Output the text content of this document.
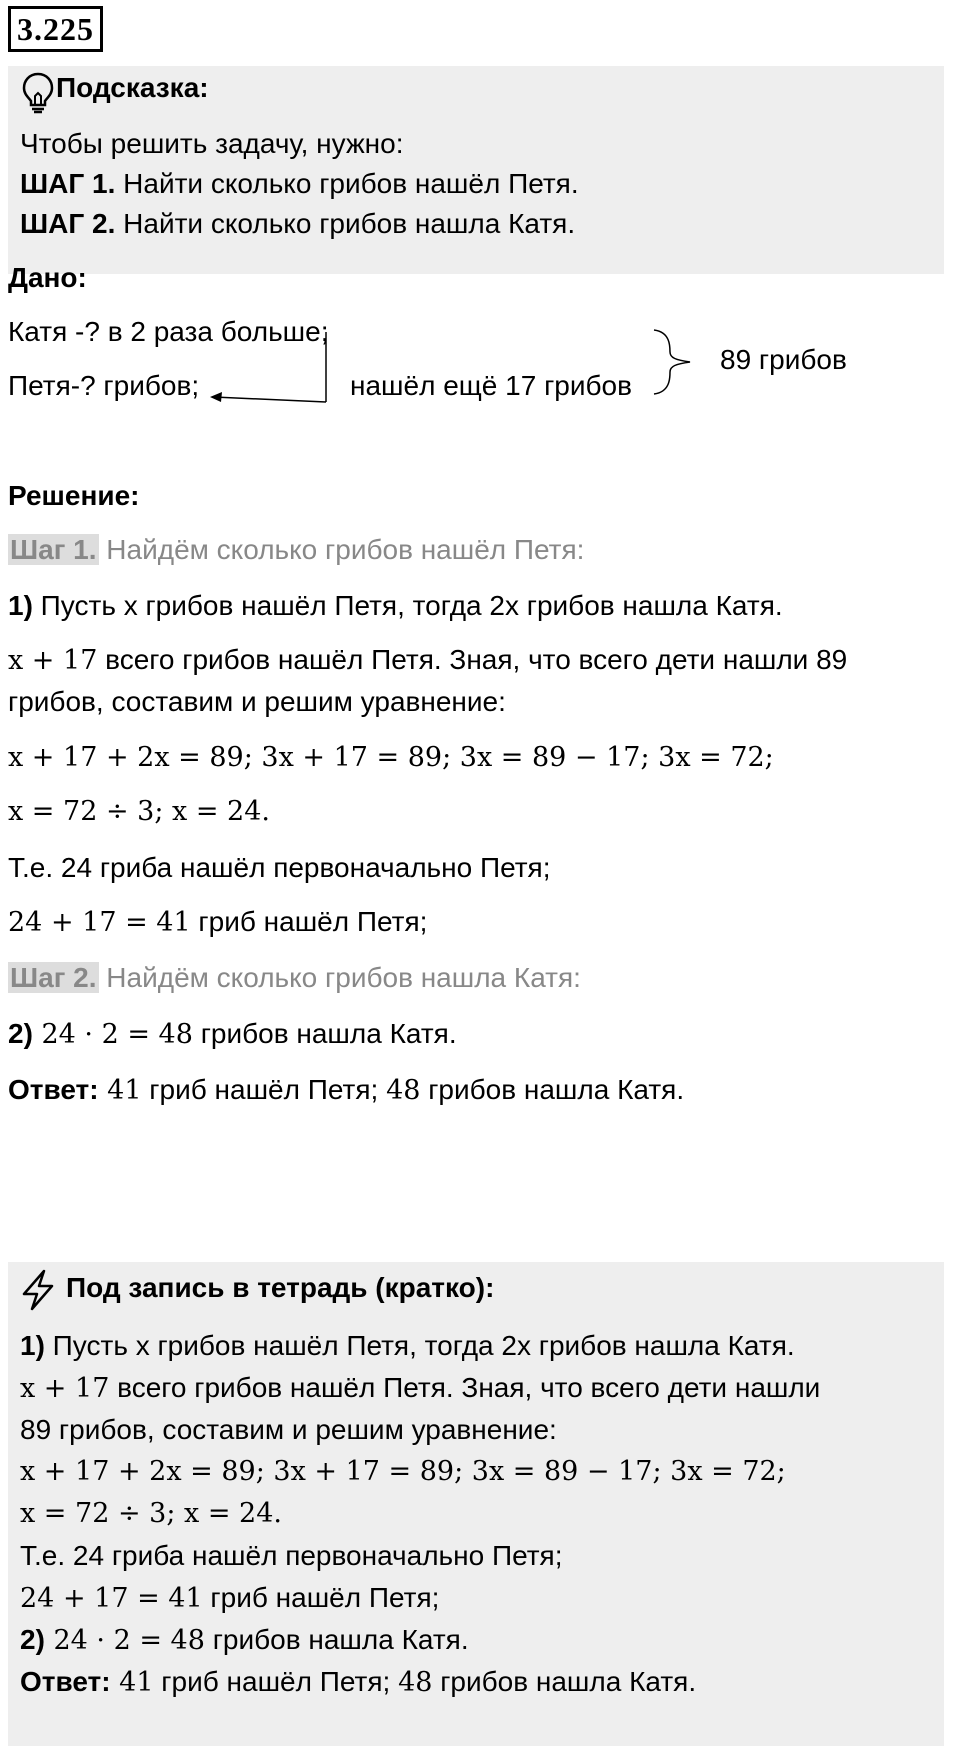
3.225
Подсказка:
Чтобы решить задачу, нужно:
ШАГ 1. Найти сколько грибов нашёл Петя.
ШАГ 2. Найти сколько грибов нашла Катя.
Дано:
Катя -? в 2 раза больше;
Петя-? грибов;	нашёл ещё 17 грибов
89 грибов
Решение:
Шаг 1. Найдём сколько грибов нашёл Петя:
1) Пусть x грибов нашёл Петя, тогда 2x грибов нашла Катя.
x + 17 всего грибов нашёл Петя. Зная, что всего дети нашли 89
грибов, составим и решим уравнение:
x + 17 + 2x = 89; 3x + 17 = 89; 3x = 89 − 17; 3x = 72;
x = 72 ÷ 3; x = 24.
Т.е. 24 гриба нашёл первоначально Петя;
24 + 17 = 41 гриб нашёл Петя;
Шаг 2. Найдём сколько грибов нашла Катя:
2) 24 · 2 = 48 грибов нашла Катя.
Ответ: 41 гриб нашёл Петя; 48 грибов нашла Катя.
Под запись в тетрадь (кратко):
1) Пусть x грибов нашёл Петя, тогда 2x грибов нашла Катя.
x + 17 всего грибов нашёл Петя. Зная, что всего дети нашли
89 грибов, составим и решим уравнение:
x + 17 + 2x = 89; 3x + 17 = 89; 3x = 89 − 17; 3x = 72;
x = 72 ÷ 3; x = 24.
Т.е. 24 гриба нашёл первоначально Петя;
24 + 17 = 41 гриб нашёл Петя;
2) 24 · 2 = 48 грибов нашла Катя.
Ответ: 41 гриб нашёл Петя; 48 грибов нашла Катя.
